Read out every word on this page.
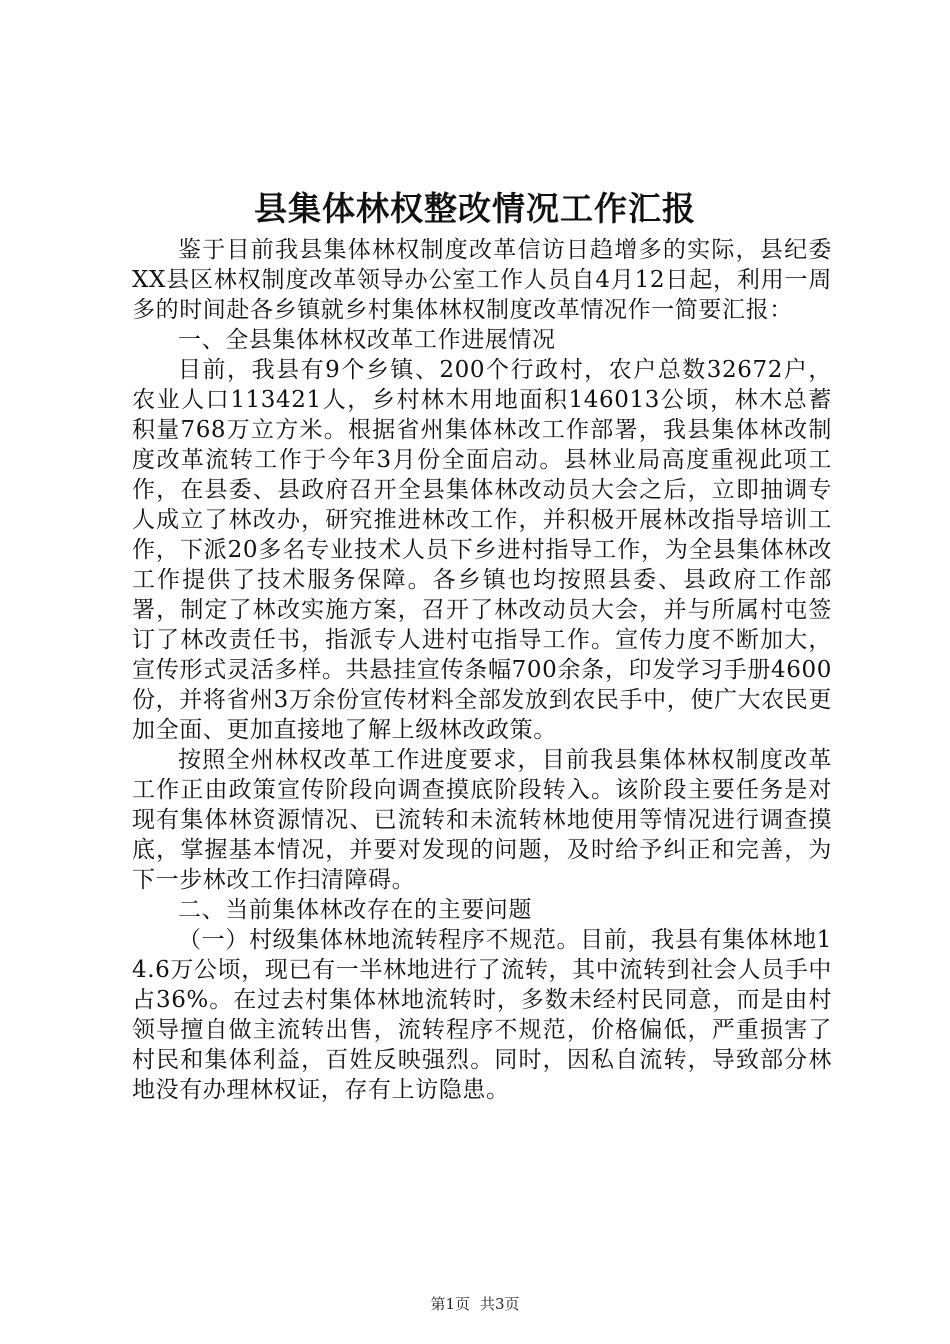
县集体林权整改情况工作汇报

鉴于目前我县集体林权制度改革信访日趋增多的实际，县纪委XX县区林权制度改革领导办公室工作人员自4月12日起，利用一周多的时间赴各乡镇就乡村集体林权制度改革情况作一简要汇报：

一、全县集体林权改革工作进展情况

目前，我县有9个乡镇、200个行政村，农户总数32672户，农业人口113421人，乡村林木用地面积146013公顷，林木总蓄积量768万立方米。根据省州集体林改工作部署，我县集体林改制度改革流转工作于今年3月份全面启动。县林业局高度重视此项工作，在县委、县政府召开全县集体林改动员大会之后，立即抽调专人成立了林改办，研究推进林改工作，并积极开展林改指导培训工作，下派20多名专业技术人员下乡进村指导工作，为全县集体林改工作提供了技术服务保障。各乡镇也均按照县委、县政府工作部署，制定了林改实施方案，召开了林改动员大会，并与所属村屯签订了林改责任书，指派专人进村屯指导工作。宣传力度不断加大，宣传形式灵活多样。共悬挂宣传条幅700余条，印发学习手册4600份，并将省州3万余份宣传材料全部发放到农民手中，使广大农民更加全面、更加直接地了解上级林改政策。

按照全州林权改革工作进度要求，目前我县集体林权制度改革工作正由政策宣传阶段向调查摸底阶段转入。该阶段主要任务是对现有集体林资源情况、已流转和未流转林地使用等情况进行调查摸底，掌握基本情况，并要对发现的问题，及时给予纠正和完善，为下一步林改工作扫清障碍。

二、当前集体林改存在的主要问题

（一）村级集体林地流转程序不规范。目前，我县有集体林地14.6万公顷，现已有一半林地进行了流转，其中流转到社会人员手中占36%。在过去村集体林地流转时，多数未经村民同意，而是由村领导擅自做主流转出售，流转程序不规范，价格偏低，严重损害了村民和集体利益，百姓反映强烈。同时，因私自流转，导致部分林地没有办理林权证，存有上访隐患。

第1页 共3页
